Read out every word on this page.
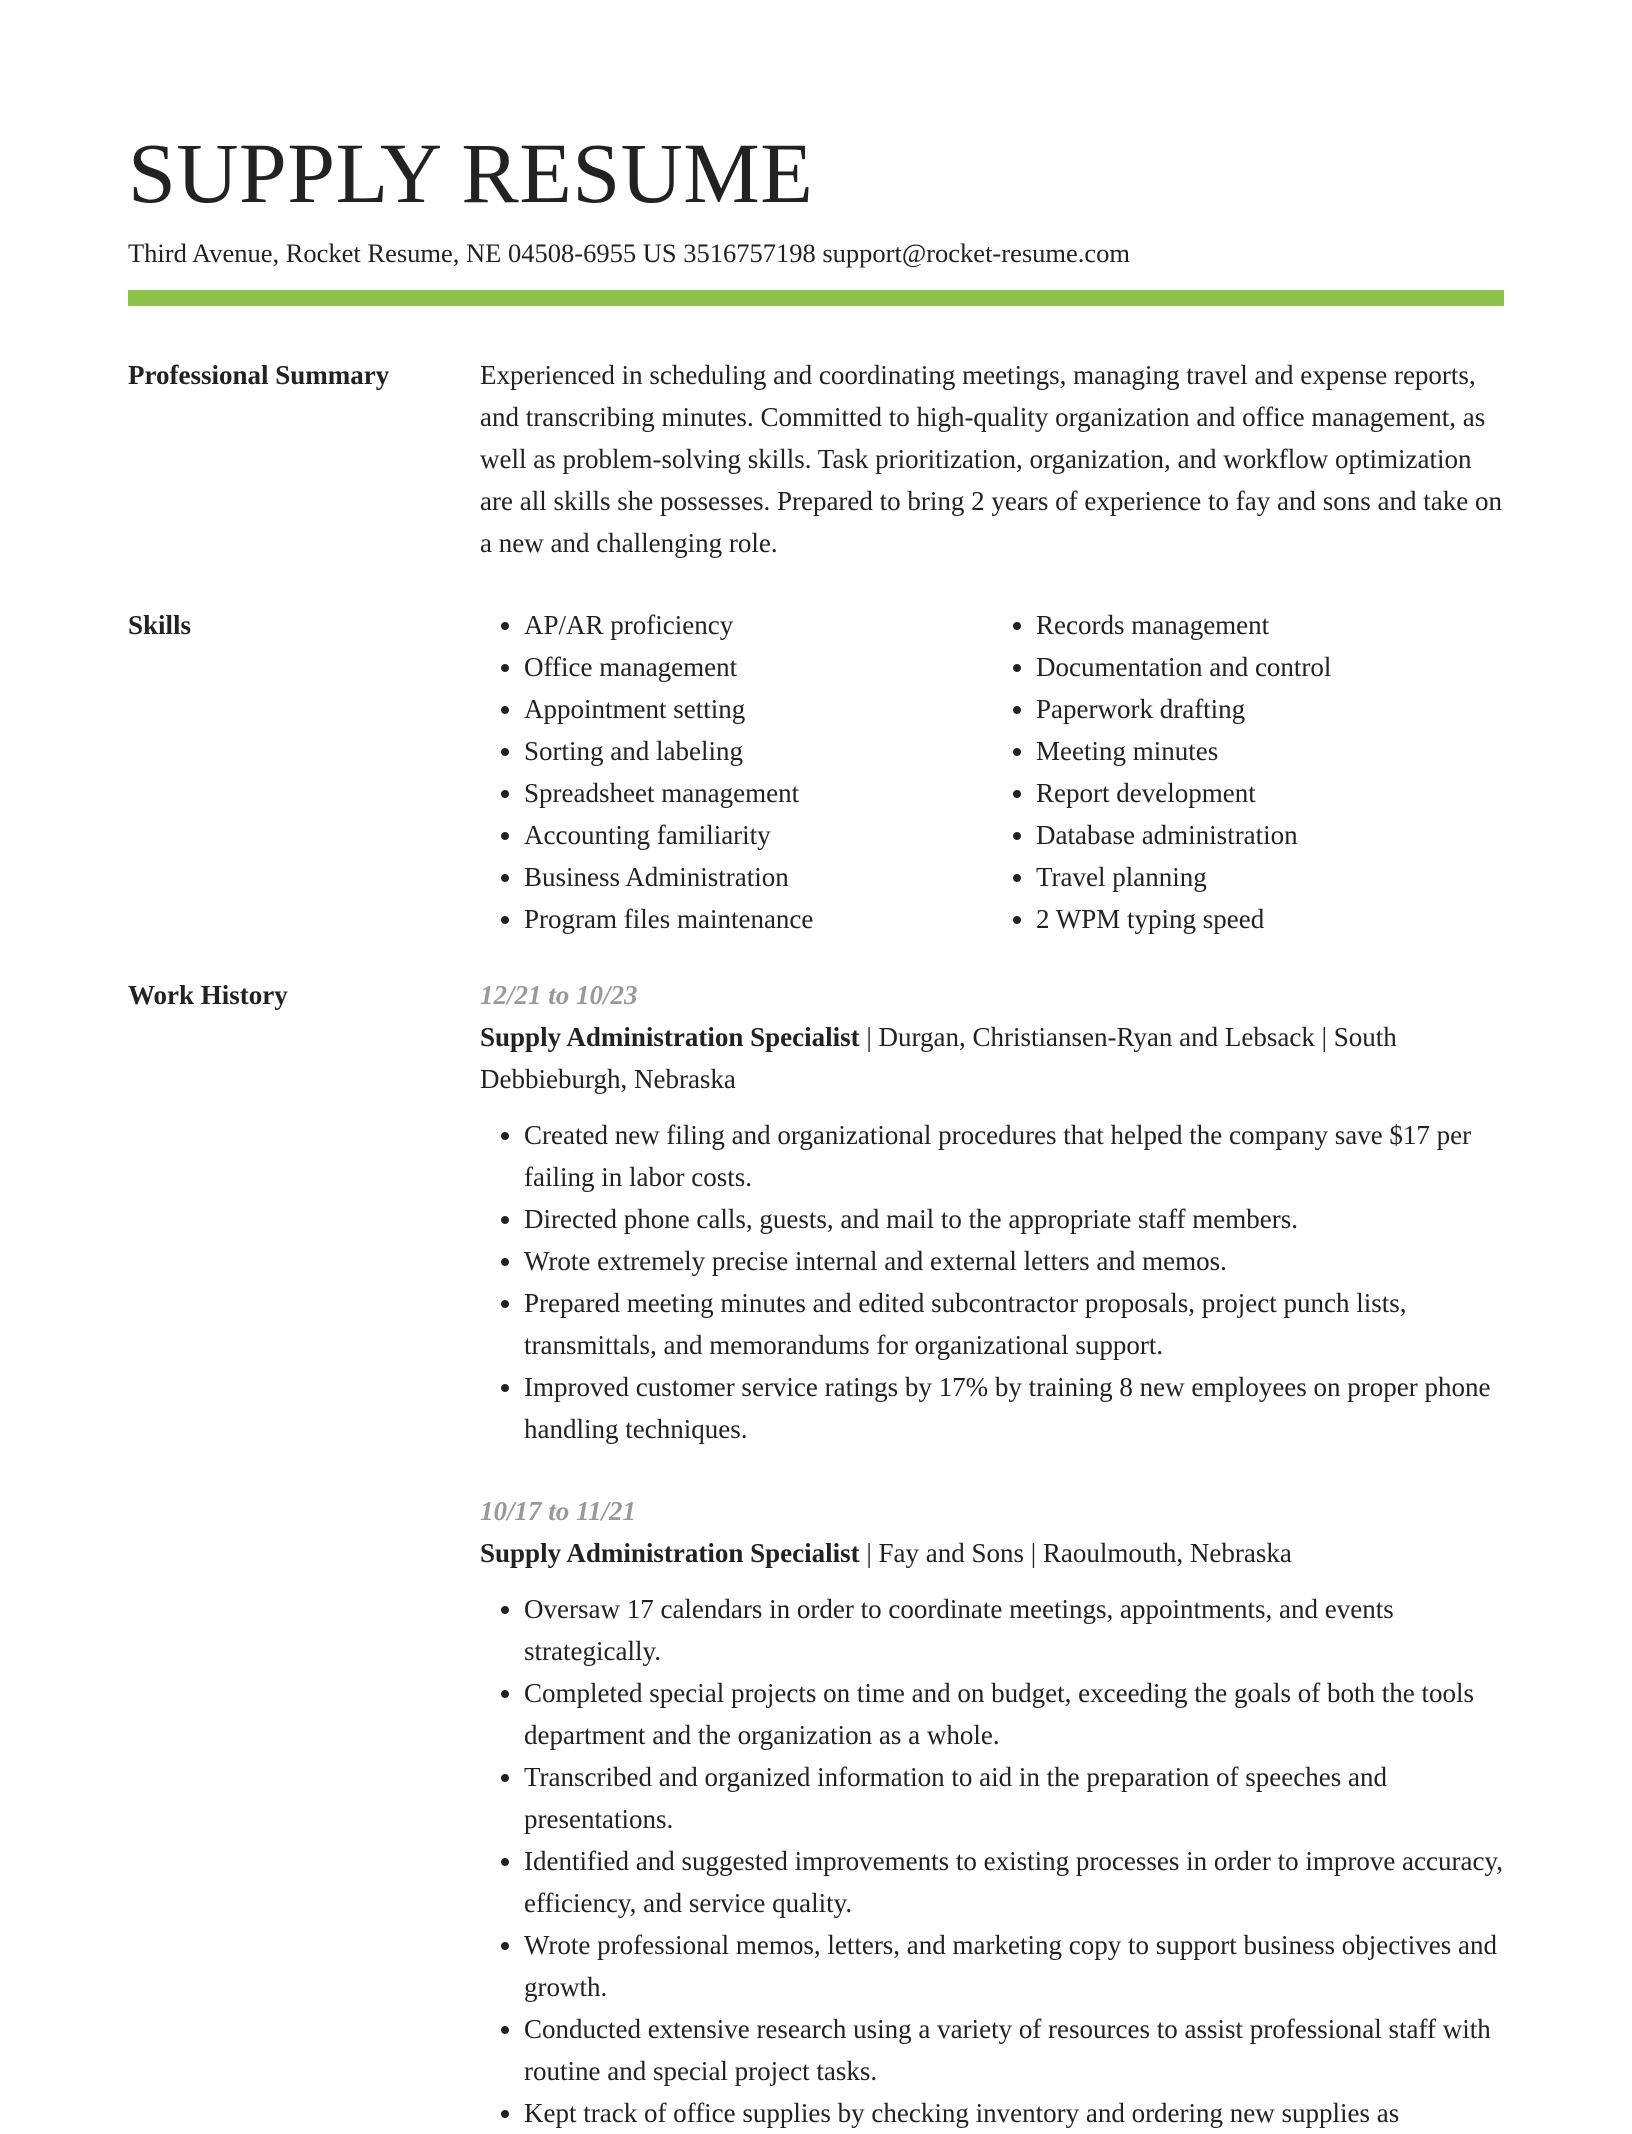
SUPPLY RESUME
Third Avenue, Rocket Resume, NE 04508-6955 US 3516757198 support@rocket-resume.com
Professional Summary	Experienced in scheduling and coordinating meetings, managing travel and expense reports, and transcribing minutes. Committed to high-quality organization and office management, as well as problem-solving skills. Task prioritization, organization, and workflow optimization are all skills she possesses. Prepared to bring 2 years of experience to fay and sons and take on a new and challenging role.

Skills
•	AP/AR proficiency
• Office management
• Appointment setting
• Sorting and labeling
• Spreadsheet management
• Accounting familiarity
• Business Administration
• Program files maintenance
• Records management
• Documentation and control
• Paperwork drafting
• Meeting minutes
• Report development
• Database administration
• Travel planning
• 2 WPM typing speed
Work History	12/21 to 10/23

Supply Administration Specialist | Durgan, Christiansen-Ryan and Lebsack | South Debbieburgh, Nebraska

• Created new filing and organizational procedures that helped the company save $17 per failing in labor costs.
• Directed phone calls, guests, and mail to the appropriate staff members.
• Wrote extremely precise internal and external letters and memos.
• Prepared meeting minutes and edited subcontractor proposals, project punch lists, transmittals, and memorandums for organizational support.
• Improved customer service ratings by 17% by training 8 new employees on proper phone handling techniques.
10/17 to 11/21

Supply Administration Specialist | Fay and Sons | Raoulmouth, Nebraska

• Oversaw 17 calendars in order to coordinate meetings, appointments, and events strategically.
• Completed special projects on time and on budget, exceeding the goals of both the tools department and the organization as a whole.
• Transcribed and organized information to aid in the preparation of speeches and presentations.
• Identified and suggested improvements to existing processes in order to improve accuracy, efficiency, and service quality.
• Wrote professional memos, letters, and marketing copy to support business objectives and growth.
• Conducted extensive research using a variety of resources to assist professional staff with routine and special project tasks.
• Kept track of office supplies by checking inventory and ordering new supplies as
